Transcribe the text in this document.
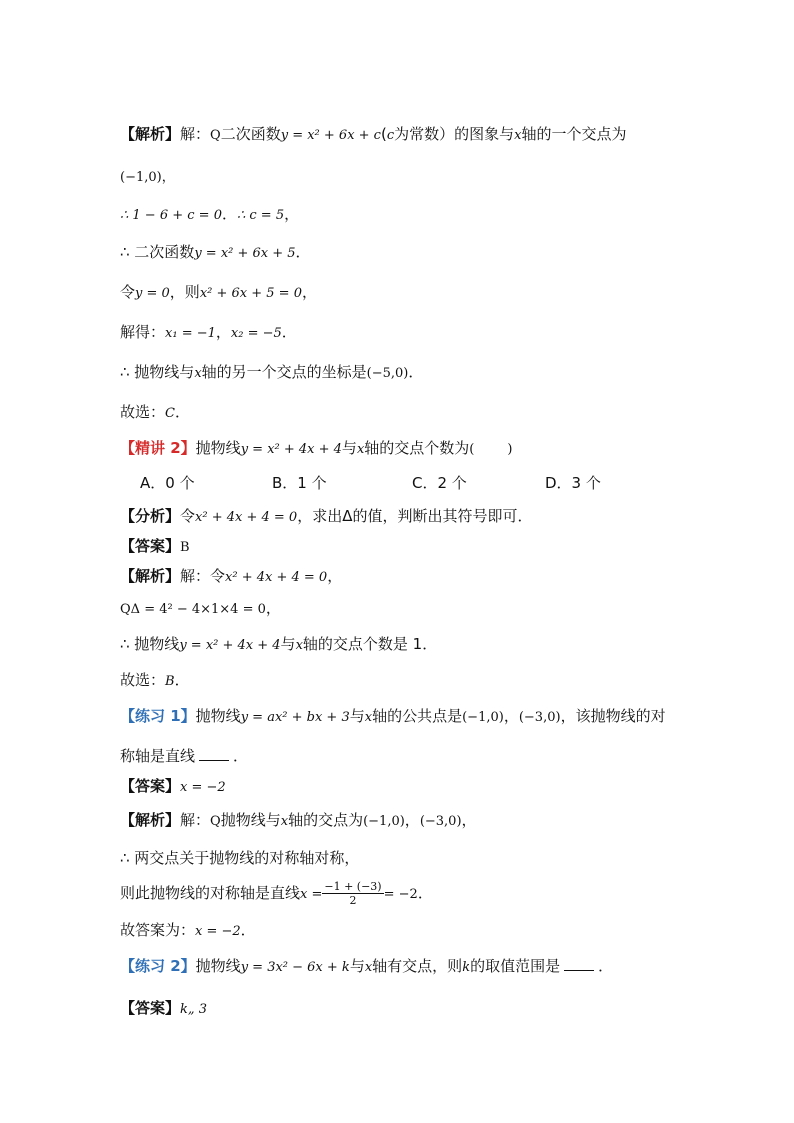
【解析】解：Q二次函数y = x² + 6x + c(c为常数）的图象与x轴的一个交点为
(−1,0)，
∴ 1 − 6 + c = 0．∴ c = 5，
∴ 二次函数y = x² + 6x + 5．
令y = 0，则x² + 6x + 5 = 0，
解得：x₁ = −1，x₂ = −5．
∴ 抛物线与x轴的另一个交点的坐标是(−5,0)．
故选：C．
【精讲 2】抛物线y = x² + 4x + 4与x轴的交点个数为(        )
A．0 个	B．1 个	C．2 个	D．3 个
【分析】令x² + 4x + 4 = 0，求出Δ的值，判断出其符号即可．
【答案】B
【解析】解：令x² + 4x + 4 = 0，
QΔ = 4² − 4×1×4 = 0，
∴ 抛物线y = x² + 4x + 4与x轴的交点个数是 1．
故选：B．
【练习 1】抛物线y = ax² + bx + 3与x轴的公共点是(−1,0)，(−3,0)，该抛物线的对
称轴是直线	．
【答案】x = −2
【解析】解：Q抛物线与x轴的交点为(−1,0)，(−3,0)，
∴ 两交点关于抛物线的对称轴对称，
则此抛物线的对称轴是直线$x = \frac{-1 + (-3)}{2} = -2$．
故答案为：x = −2．
【练习 2】抛物线y = 3x² − 6x + k与x轴有交点，则k的取值范围是	．
【答案】k„ 3
